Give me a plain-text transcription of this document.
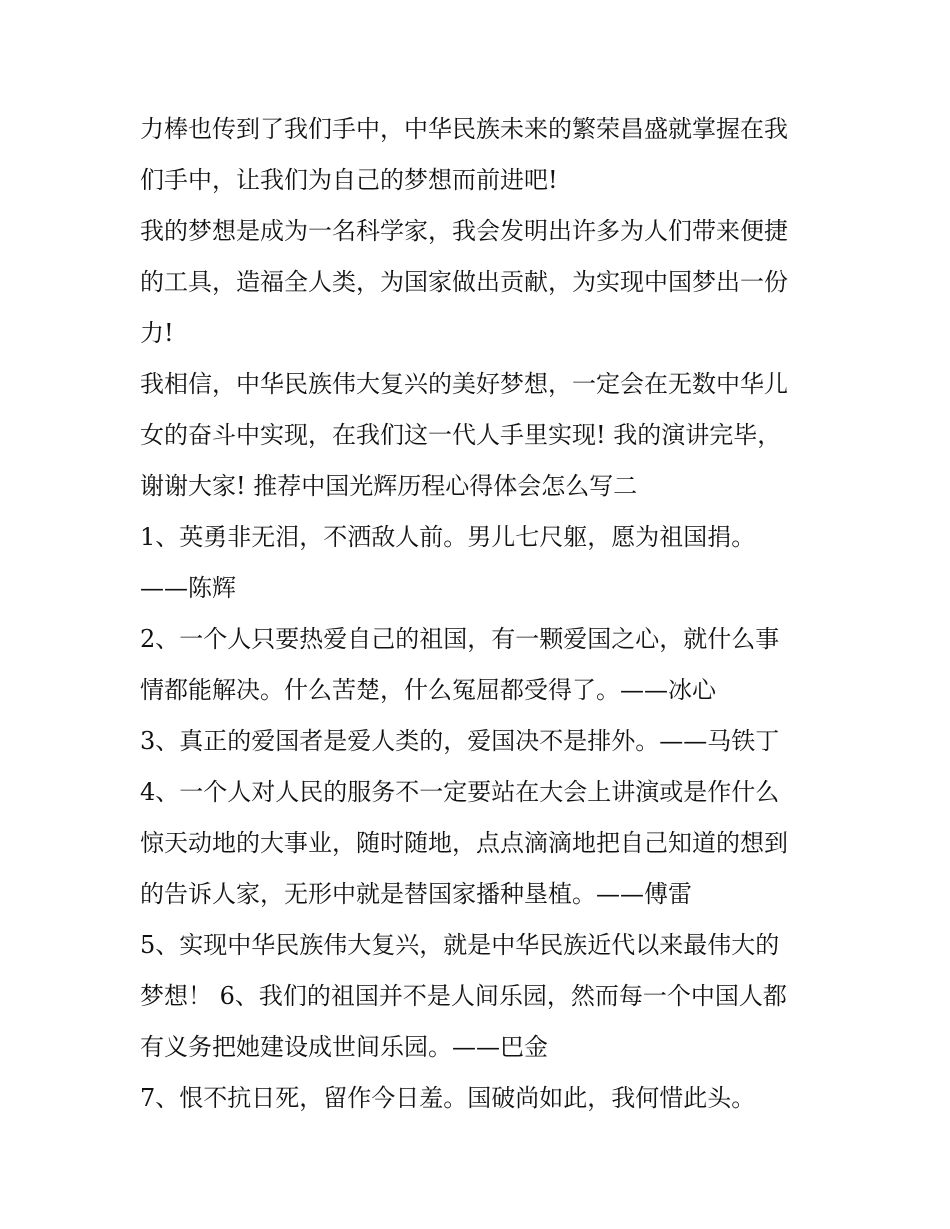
力棒也传到了我们手中，中华民族未来的繁荣昌盛就掌握在我
们手中，让我们为自己的梦想而前进吧!
我的梦想是成为一名科学家，我会发明出许多为人们带来便捷
的工具，造福全人类，为国家做出贡献，为实现中国梦出一份
力!
我相信，中华民族伟大复兴的美好梦想，一定会在无数中华儿
女的奋斗中实现，在我们这一代人手里实现! 我的演讲完毕，
谢谢大家! 推荐中国光辉历程心得体会怎么写二
1、英勇非无泪，不洒敌人前。男儿七尺躯，愿为祖国捐。
——陈辉
2、一个人只要热爱自己的祖国，有一颗爱国之心，就什么事
情都能解决。什么苦楚，什么冤屈都受得了。——冰心
3、真正的爱国者是爱人类的，爱国决不是排外。——马铁丁
4、一个人对人民的服务不一定要站在大会上讲演或是作什么
惊天动地的大事业，随时随地，点点滴滴地把自己知道的想到
的告诉人家，无形中就是替国家播种垦植。——傅雷
5、实现中华民族伟大复兴，就是中华民族近代以来最伟大的
梦想！ 6、我们的祖国并不是人间乐园，然而每一个中国人都
有义务把她建设成世间乐园。——巴金
7、恨不抗日死，留作今日羞。国破尚如此，我何惜此头。
